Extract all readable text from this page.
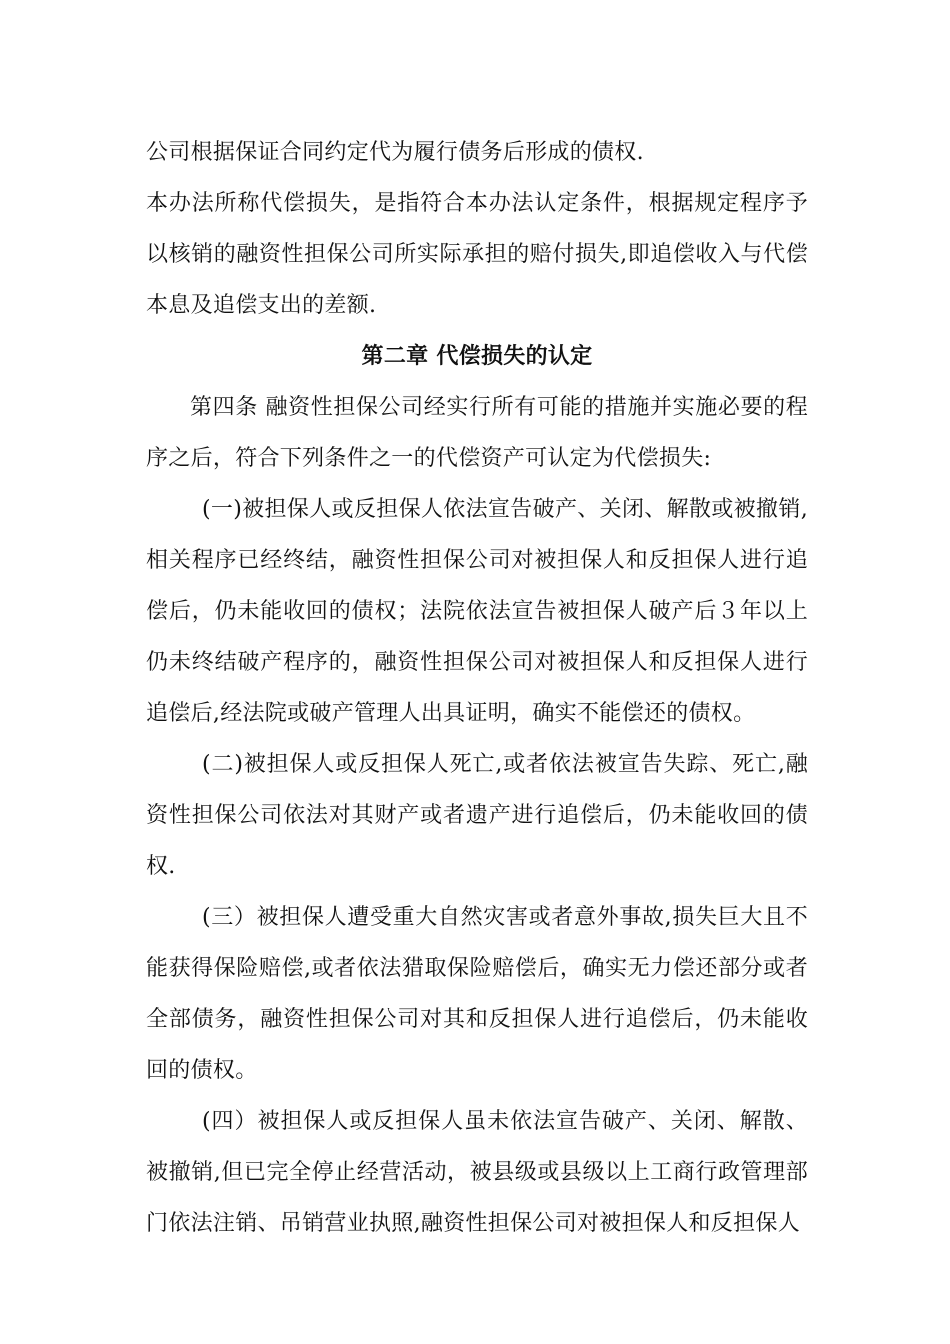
公司根据保证合同约定代为履行债务后形成的债权.

本办法所称代偿损失，是指符合本办法认定条件，根据规定程序予以核销的融资性担保公司所实际承担的赔付损失,即追偿收入与代偿本息及追偿支出的差额.

第二章 代偿损失的认定

第四条 融资性担保公司经实行所有可能的措施并实施必要的程序之后，符合下列条件之一的代偿资产可认定为代偿损失:

(一)被担保人或反担保人依法宣告破产、关闭、解散或被撤销,相关程序已经终结，融资性担保公司对被担保人和反担保人进行追偿后，仍未能收回的债权；法院依法宣告被担保人破产后３年以上仍未终结破产程序的，融资性担保公司对被担保人和反担保人进行追偿后,经法院或破产管理人出具证明，确实不能偿还的债权。

(二)被担保人或反担保人死亡,或者依法被宣告失踪、死亡,融资性担保公司依法对其财产或者遗产进行追偿后，仍未能收回的债权.

(三）被担保人遭受重大自然灾害或者意外事故,损失巨大且不能获得保险赔偿,或者依法猎取保险赔偿后，确实无力偿还部分或者全部债务，融资性担保公司对其和反担保人进行追偿后，仍未能收回的债权。

(四）被担保人或反担保人虽未依法宣告破产、关闭、解散、被撤销,但已完全停止经营活动，被县级或县级以上工商行政管理部门依法注销、吊销营业执照,融资性担保公司对被担保人和反担保人
